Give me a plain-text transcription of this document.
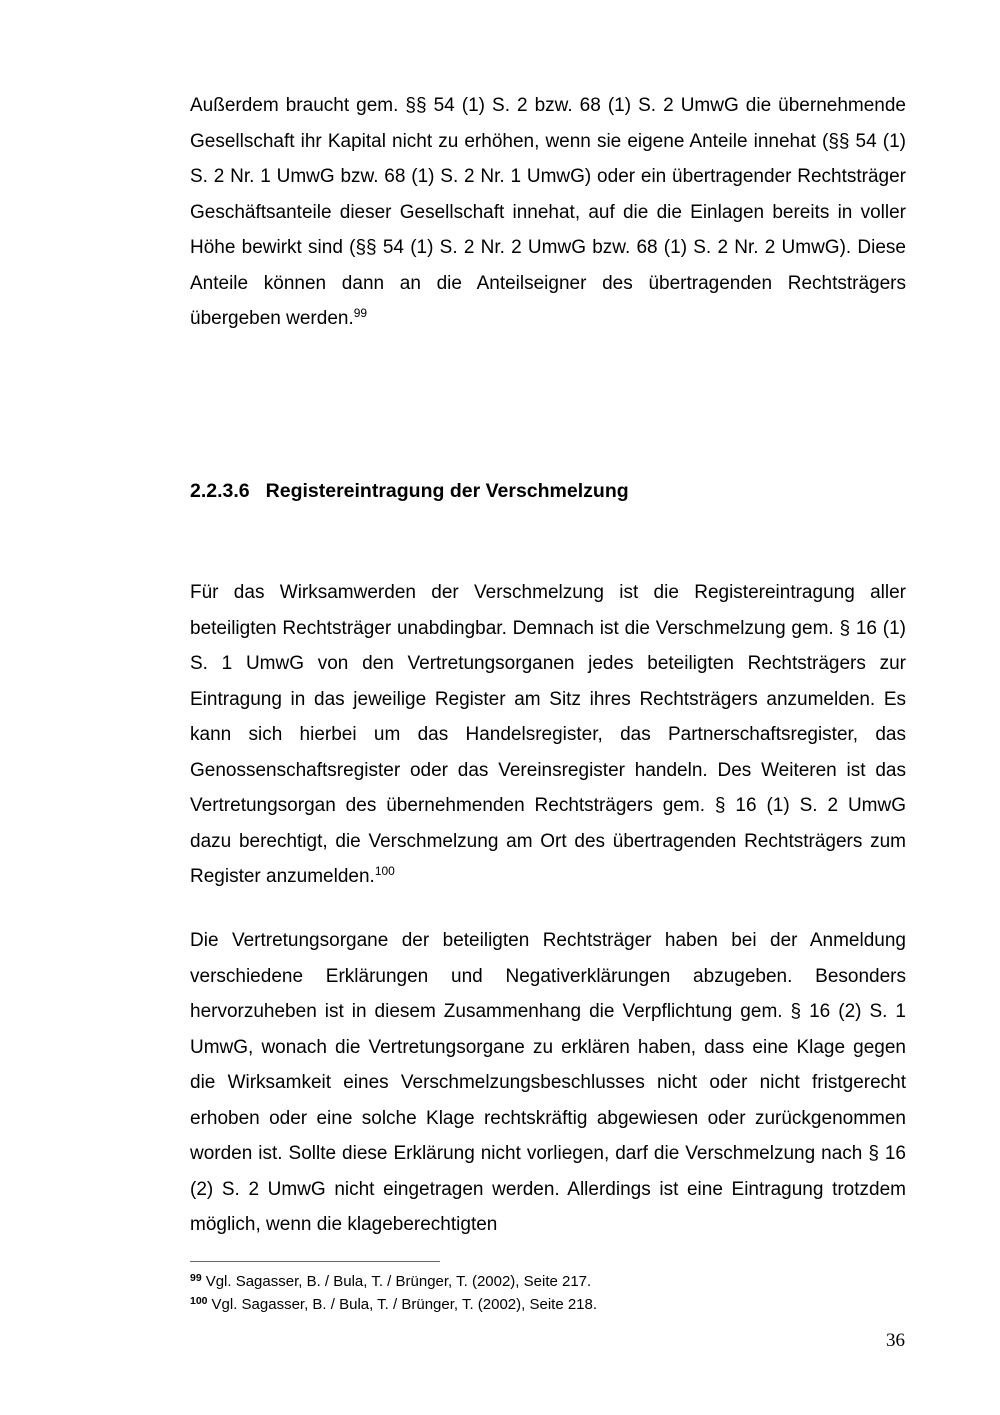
Außerdem braucht gem. §§ 54 (1) S. 2 bzw. 68 (1) S. 2 UmwG die übernehmende Gesellschaft ihr Kapital nicht zu erhöhen, wenn sie eigene Anteile innehat (§§ 54 (1) S. 2 Nr. 1 UmwG bzw. 68 (1) S. 2 Nr. 1 UmwG) oder ein übertragender Rechtsträger Geschäftsanteile dieser Gesellschaft innehat, auf die die Einlagen bereits in voller Höhe bewirkt sind (§§ 54 (1) S. 2 Nr. 2 UmwG bzw. 68 (1) S. 2 Nr. 2 UmwG). Diese Anteile können dann an die Anteilseigner des übertragenden Rechtsträgers übergeben werden.$^{99}$

2.2.3.6 Registereintragung der Verschmelzung

Für das Wirksamwerden der Verschmelzung ist die Registereintragung aller beteiligten Rechtsträger unabdingbar. Demnach ist die Verschmelzung gem. § 16 (1) S. 1 UmwG von den Vertretungsorganen jedes beteiligten Rechtsträgers zur Eintragung in das jeweilige Register am Sitz ihres Rechtsträgers anzumelden. Es kann sich hierbei um das Handelsregister, das Partnerschaftsregister, das Genossenschaftsregister oder das Vereinsregister handeln. Des Weiteren ist das Vertretungsorgan des übernehmenden Rechtsträgers gem. § 16 (1) S. 2 UmwG dazu berechtigt, die Verschmelzung am Ort des übertragenden Rechtsträgers zum Register anzumelden.$^{100}$

Die Vertretungsorgane der beteiligten Rechtsträger haben bei der Anmeldung verschiedene Erklärungen und Negativerklärungen abzugeben. Besonders hervorzuheben ist in diesem Zusammenhang die Verpflichtung gem. § 16 (2) S. 1 UmwG, wonach die Vertretungsorgane zu erklären haben, dass eine Klage gegen die Wirksamkeit eines Verschmelzungsbeschlusses nicht oder nicht fristgerecht erhoben oder eine solche Klage rechtskräftig abgewiesen oder zurückgenommen worden ist. Sollte diese Erklärung nicht vorliegen, darf die Verschmelzung nach § 16 (2) S. 2 UmwG nicht eingetragen werden. Allerdings ist eine Eintragung trotzdem möglich, wenn die klageberechtigten

$^{99}$ Vgl. Sagasser, B. / Bula, T. / Brünger, T. (2002), Seite 217.
$^{100}$ Vgl. Sagasser, B. / Bula, T. / Brünger, T. (2002), Seite 218.
36
